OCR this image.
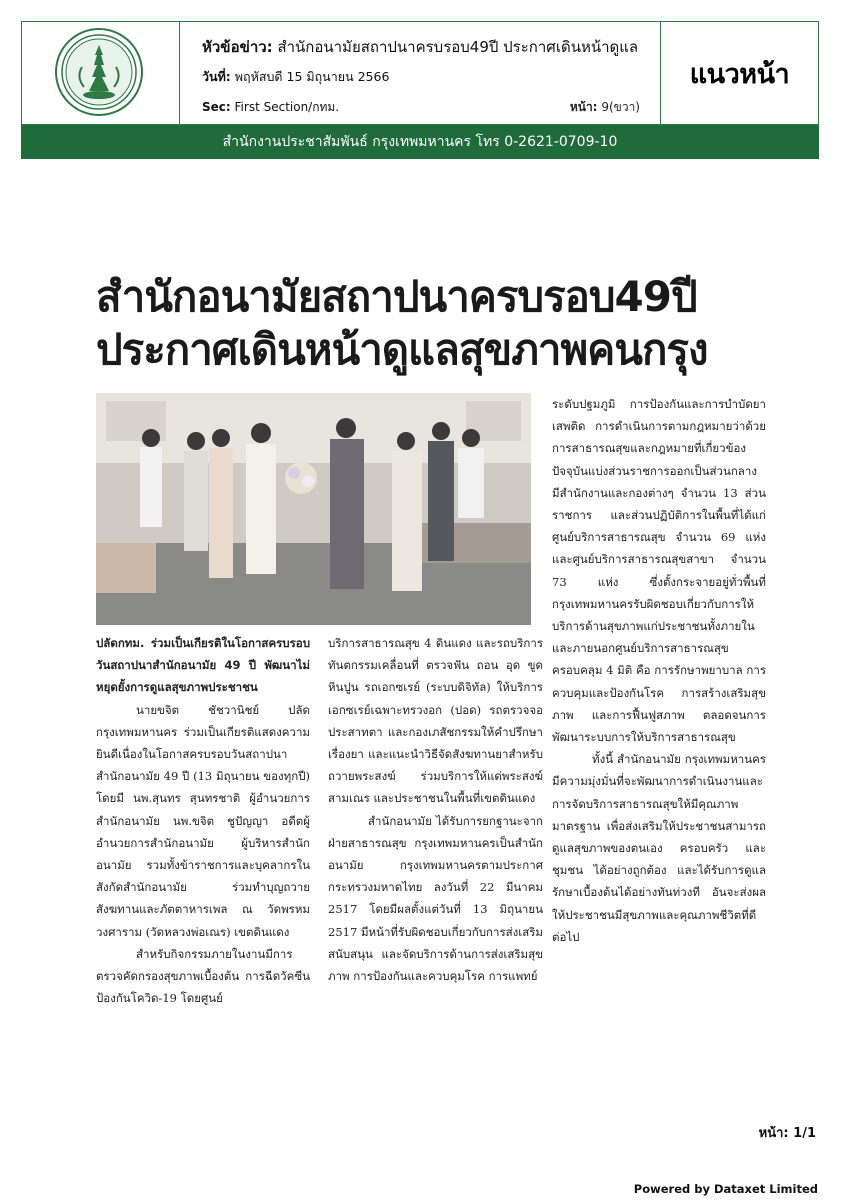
หัวข้อข่าว: สำนักอนามัยสถาปนาครบรอบ49ปี ประกาศเดินหน้าดูแล
วันที่: พฤหัสบดี 15 มิถุนายน 2566
Sec: First Section/กทม.	หน้า: 9(ขวา)
แนวหน้า
สำนักงานประชาสัมพันธ์ กรุงเทพมหานคร โทร 0-2621-0709-10
สำนักอนามัยสถาปนาครบรอบ49ปี
ประกาศเดินหน้าดูแลสุขภาพคนกรุง

ปลัดกทม. ร่วมเป็นเกียรติในโอกาสครบรอบวันสถาปนาสำนักอนามัย 49 ปี พัฒนาไม่หยุดยั้งการดูแลสุขภาพประชาชน

นายขจิต ชัชวานิชย์ ปลัดกรุงเทพมหานคร ร่วมเป็นเกียรติแสดงความยินดีเนื่องในโอกาสครบรอบวันสถาปนาสำนักอนามัย 49 ปี (13 มิถุนายน ของทุกปี) โดยมี นพ.สุนทร สุนทรชาติ ผู้อำนวยการสำนักอนามัย นพ.ขจิต ชูปัญญา อดีตผู้อำนวยการสำนักอนามัย ผู้บริหารสำนักอนามัย รวมทั้งข้าราชการและบุคลากรในสังกัดสำนักอนามัย ร่วมทำบุญถวายสังฆทานและภัตตาหารเพล ณ วัดพรหมวงศาราม (วัดหลวงพ่อเณร) เขตดินแดง

สำหรับกิจกรรมภายในงานมีการตรวจคัดกรองสุขภาพเบื้องต้น การฉีดวัคซีนป้องกันโควิด-19 โดยศูนย์

บริการสาธารณสุข 4 ดินแดง และรถบริการทันตกรรมเคลื่อนที่ ตรวจฟัน ถอน อุด ขูดหินปูน รถเอกซเรย์ (ระบบดิจิทัล) ให้บริการเอกซเรย์เฉพาะทรวงอก (ปอด) รถตรวจจอประสาทตา และกองเภสัชกรรมให้คำปรึกษาเรื่องยา และแนะนำวิธีจัดสังฆทานยาสำหรับถวายพระสงฆ์ ร่วมบริการให้แด่พระสงฆ์ สามเณร และประชาชนในพื้นที่เขตดินแดง

สำนักอนามัย ได้รับการยกฐานะจากฝ่ายสาธารณสุข กรุงเทพมหานครเป็นสำนักอนามัย กรุงเทพมหานครตามประกาศกระทรวงมหาดไทย ลงวันที่ 22 มีนาคม 2517 โดยมีผลตั้งแต่วันที่ 13 มิถุนายน 2517 มีหน้าที่รับผิดชอบเกี่ยวกับการส่งเสริม สนับสนุน และจัดบริการด้านการส่งเสริมสุขภาพ การป้องกันและควบคุมโรค การแพทย์

ระดับปฐมภูมิ การป้องกันและการบำบัดยาเสพติด การดำเนินการตามกฎหมายว่าด้วยการสาธารณสุขและกฎหมายที่เกี่ยวข้อง ปัจจุบันแบ่งส่วนราชการออกเป็นส่วนกลาง มีสำนักงานและกองต่างๆ จำนวน 13 ส่วนราชการ และส่วนปฏิบัติการในพื้นที่ได้แก่ ศูนย์บริการสาธารณสุข จำนวน 69 แห่ง และศูนย์บริการสาธารณสุขสาขา จำนวน 73 แห่ง ซึ่งตั้งกระจายอยู่ทั่วพื้นที่กรุงเทพมหานครรับผิดชอบเกี่ยวกับการให้บริการด้านสุขภาพแก่ประชาชนทั้งภายในและภายนอกศูนย์บริการสาธารณสุข ครอบคลุม 4 มิติ คือ การรักษาพยาบาล การควบคุมและป้องกันโรค การสร้างเสริมสุขภาพ และการฟื้นฟูสภาพ ตลอดจนการพัฒนาระบบการให้บริการสาธารณสุข

ทั้งนี้ สำนักอนามัย กรุงเทพมหานคร มีความมุ่งมั่นที่จะพัฒนาการดำเนินงานและการจัดบริการสาธารณสุขให้มีคุณภาพ มาตรฐาน เพื่อส่งเสริมให้ประชาชนสามารถดูแลสุขภาพของตนเอง ครอบครัว และชุมชน ได้อย่างถูกต้อง และได้รับการดูแลรักษาเบื้องต้นได้อย่างทันท่วงที อันจะส่งผลให้ประชาชนมีสุขภาพและคุณภาพชีวิตที่ดีต่อไป

หน้า: 1/1
Powered by Dataxet Limited
